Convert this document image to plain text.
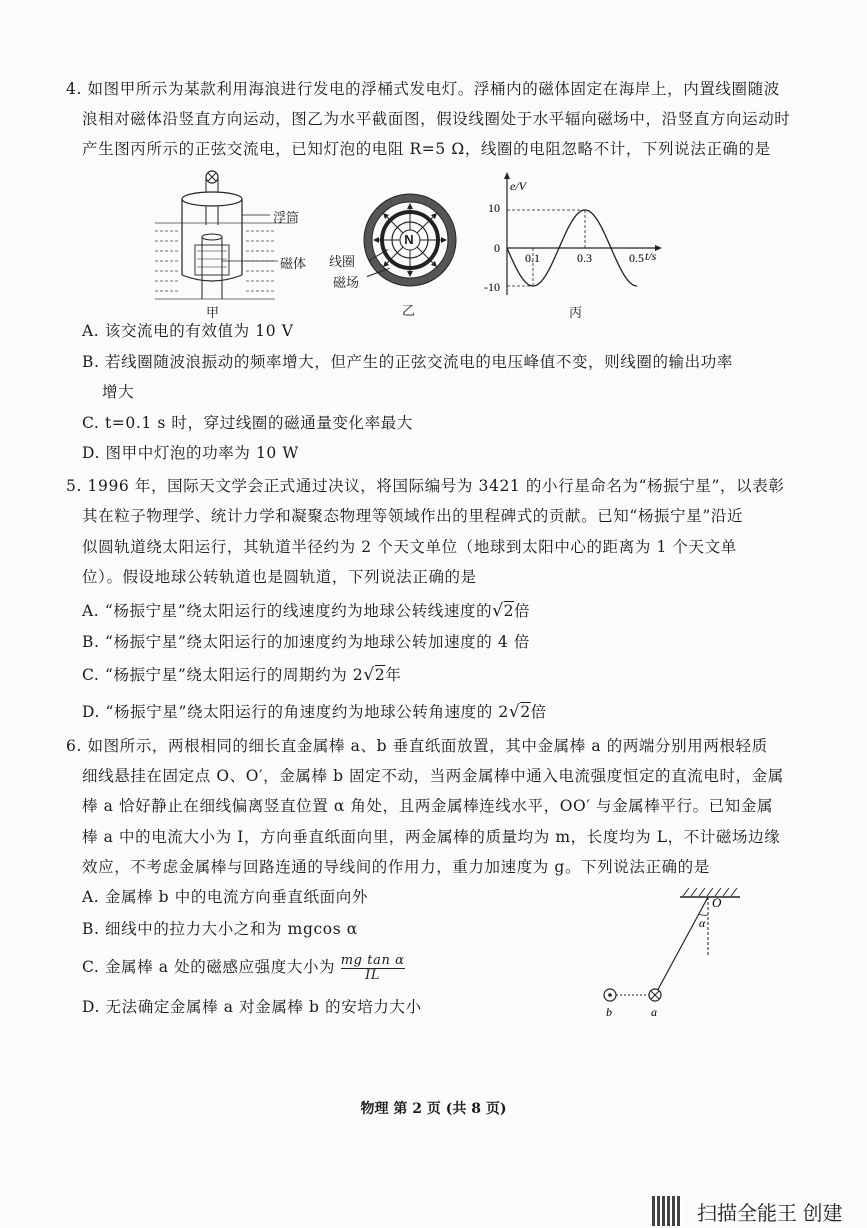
4. 如图甲所示为某款利用海浪进行发电的浮桶式发电灯。浮桶内的磁体固定在海岸上，内置线圈随波
浪相对磁体沿竖直方向运动，图乙为水平截面图，假设线圈处于水平辐向磁场中，沿竖直方向运动时
产生图丙所示的正弦交流电，已知灯泡的电阻 R=5 Ω，线圈的电阻忽略不计，下列说法正确的是
浮筒
磁体
甲
N
线圈
磁场
乙
0.1	0.3	0.5
e/V
t/s
10
0
-10
丙
A. 该交流电的有效值为 10 V
B. 若线圈随波浪振动的频率增大，但产生的正弦交流电的电压峰值不变，则线圈的输出功率
增大
C. t=0.1 s 时，穿过线圈的磁通量变化率最大
D. 图甲中灯泡的功率为 10 W
5. 1996 年，国际天文学会正式通过决议，将国际编号为 3421 的小行星命名为“杨振宁星”，以表彰
其在粒子物理学、统计力学和凝聚态物理等领域作出的里程碑式的贡献。已知“杨振宁星”沿近
似圆轨道绕太阳运行，其轨道半径约为 2 个天文单位（地球到太阳中心的距离为 1 个天文单
位）。假设地球公转轨道也是圆轨道，下列说法正确的是
A. “杨振宁星”绕太阳运行的线速度约为地球公转线速度的√2倍
B. “杨振宁星”绕太阳运行的加速度约为地球公转加速度的 4 倍
C. “杨振宁星”绕太阳运行的周期约为 2√2年
D. “杨振宁星”绕太阳运行的角速度约为地球公转角速度的 2√2倍
6. 如图所示，两根相同的细长直金属棒 a、b 垂直纸面放置，其中金属棒 a 的两端分别用两根轻质
细线悬挂在固定点 O、O′，金属棒 b 固定不动，当两金属棒中通入电流强度恒定的直流电时，金属
棒 a 恰好静止在细线偏离竖直位置 α 角处，且两金属棒连线水平，OO′ 与金属棒平行。已知金属
棒 a 中的电流大小为 I，方向垂直纸面向里，两金属棒的质量均为 m，长度均为 L，不计磁场边缘
效应，不考虑金属棒与回路连通的导线间的作用力，重力加速度为 g。下列说法正确的是
A. 金属棒 b 中的电流方向垂直纸面向外
B. 细线中的拉力大小之和为 mgcos α
C. 金属棒 a 处的磁感应强度大小为 $\frac{\text{mg tan α}}{IL}$
D. 无法确定金属棒 a 对金属棒 b 的安培力大小
O
α
b	a
物理 第 2 页 (共 8 页)
扫描全能王 创建
